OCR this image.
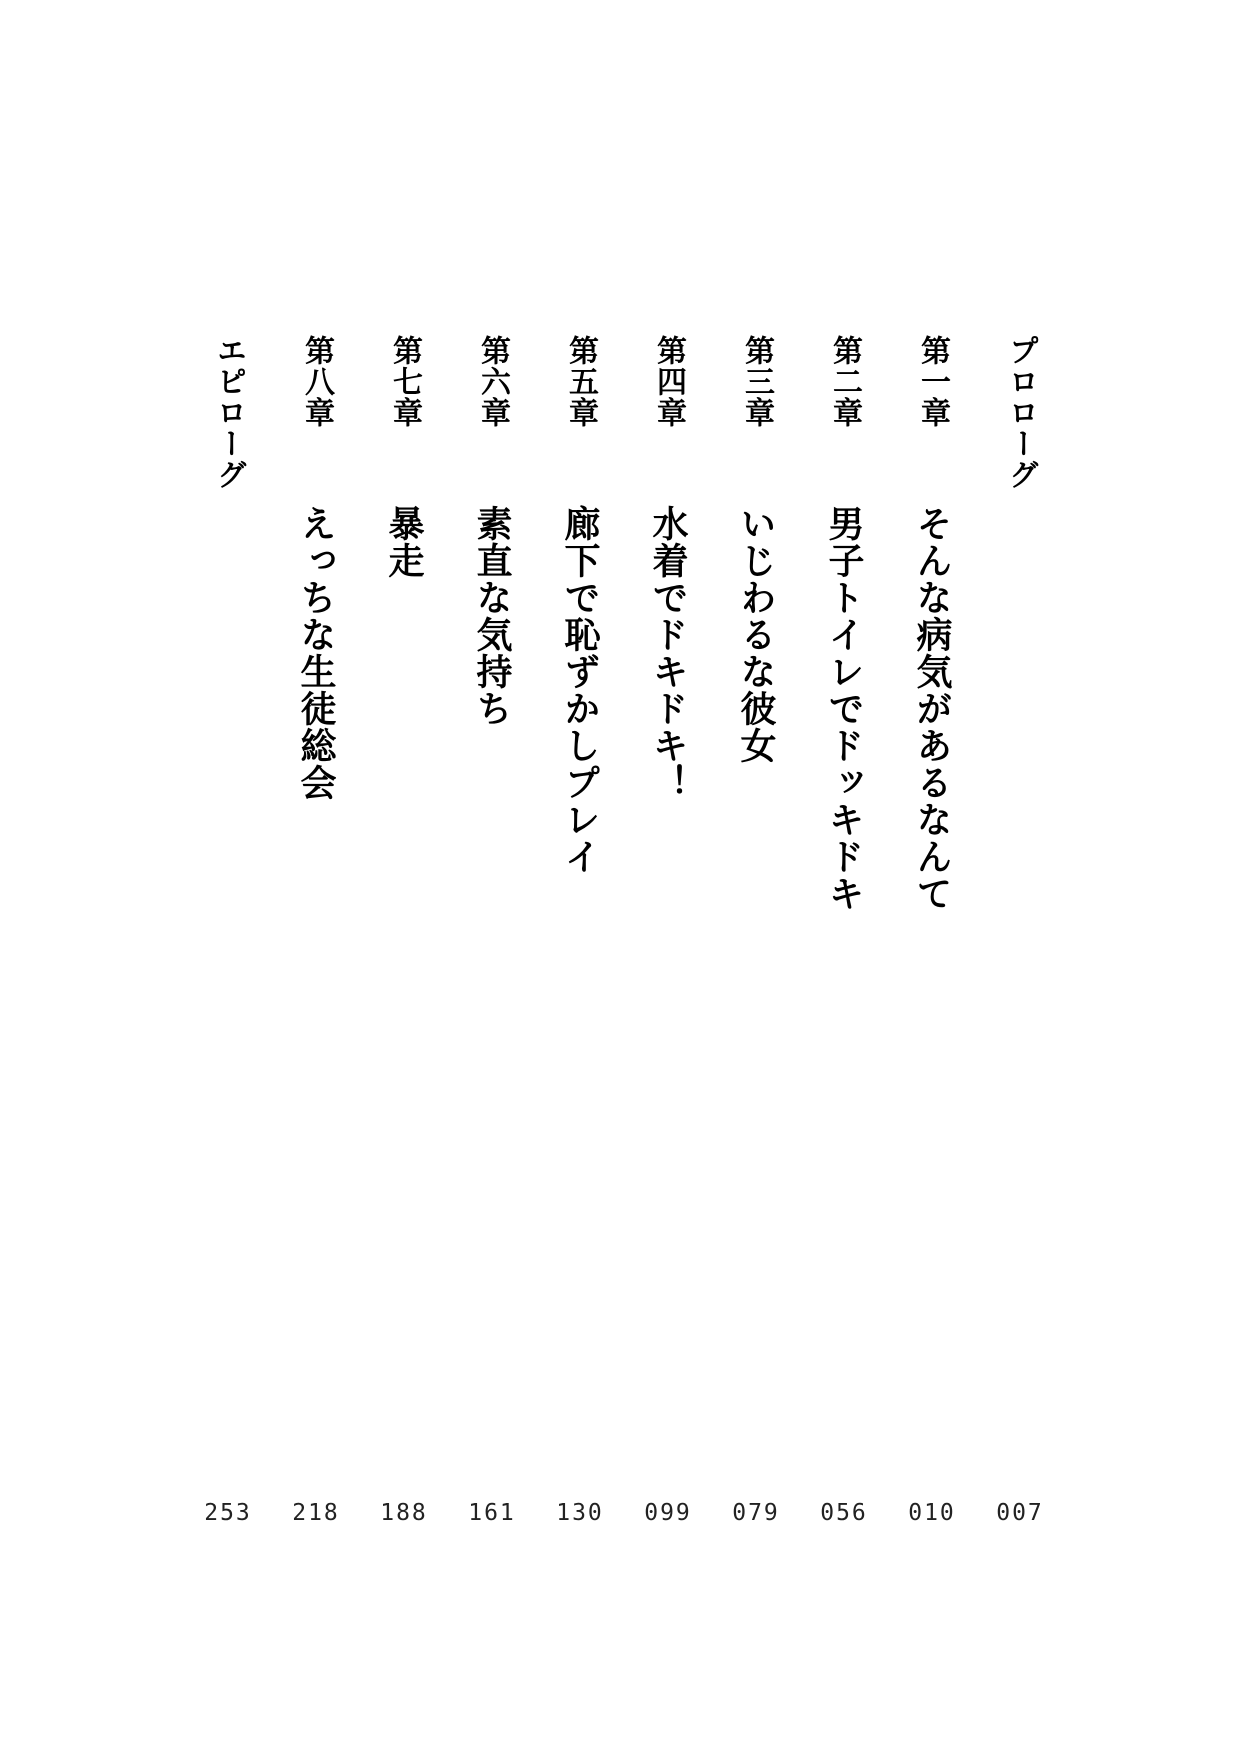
プロローグ
007
第一章
そんな病気があるなんて
010
第二章
男子トイレでドッキドキ
056
第三章
いじわるな彼女
079
第四章
水着でドキドキ！
099
第五章
廊下で恥ずかしプレイ
130
第六章
素直な気持ち
161
第七章
暴走
188
第八章
えっちな生徒総会
218
エピローグ
253
